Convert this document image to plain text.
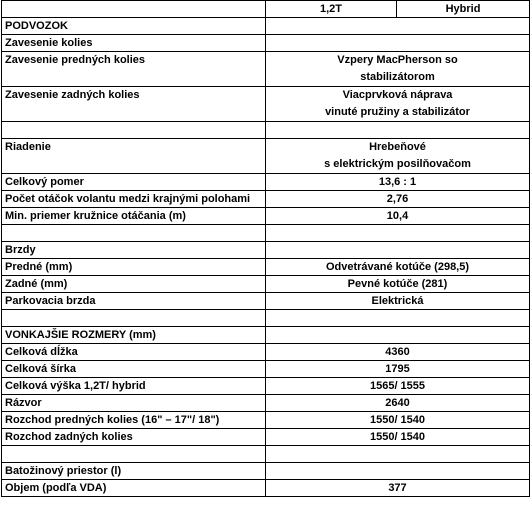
	1,2T	Hybrid
PODVOZOK		
Zavesenie kolies		
Zavesenie predných kolies	Vzpery MacPherson so
stabilizátorom	

Zavesenie zadných kolies	Viacprvková náprava
vinuté pružiny a stabilizátor	

Riadenie	Hrebeňové
s elektrickým posilňovačom	

Celkový pomer	13,6 : 1	
Počet otáčok volantu medzi krajnými polohami	2,76	
Min. priemer kružnice otáčania (m)	10,4	

Brzdy		
Predné (mm)	Odvetrávané kotúče (298,5)	
Zadné (mm)	Pevné kotúče (281)	
Parkovacia brzda	Elektrická	

VONKAJŠIE ROZMERY (mm)		
Celková dĺžka	4360	
Celková šírka	1795	
Celková výška 1,2T/ hybrid	1565/ 1555	
Rázvor	2640	
Rozchod predných kolies (16" – 17"/ 18")	1550/ 1540	
Rozchod zadných kolies	1550/ 1540	

Batožinový priestor (l)		
Objem (podľa VDA)	377	
